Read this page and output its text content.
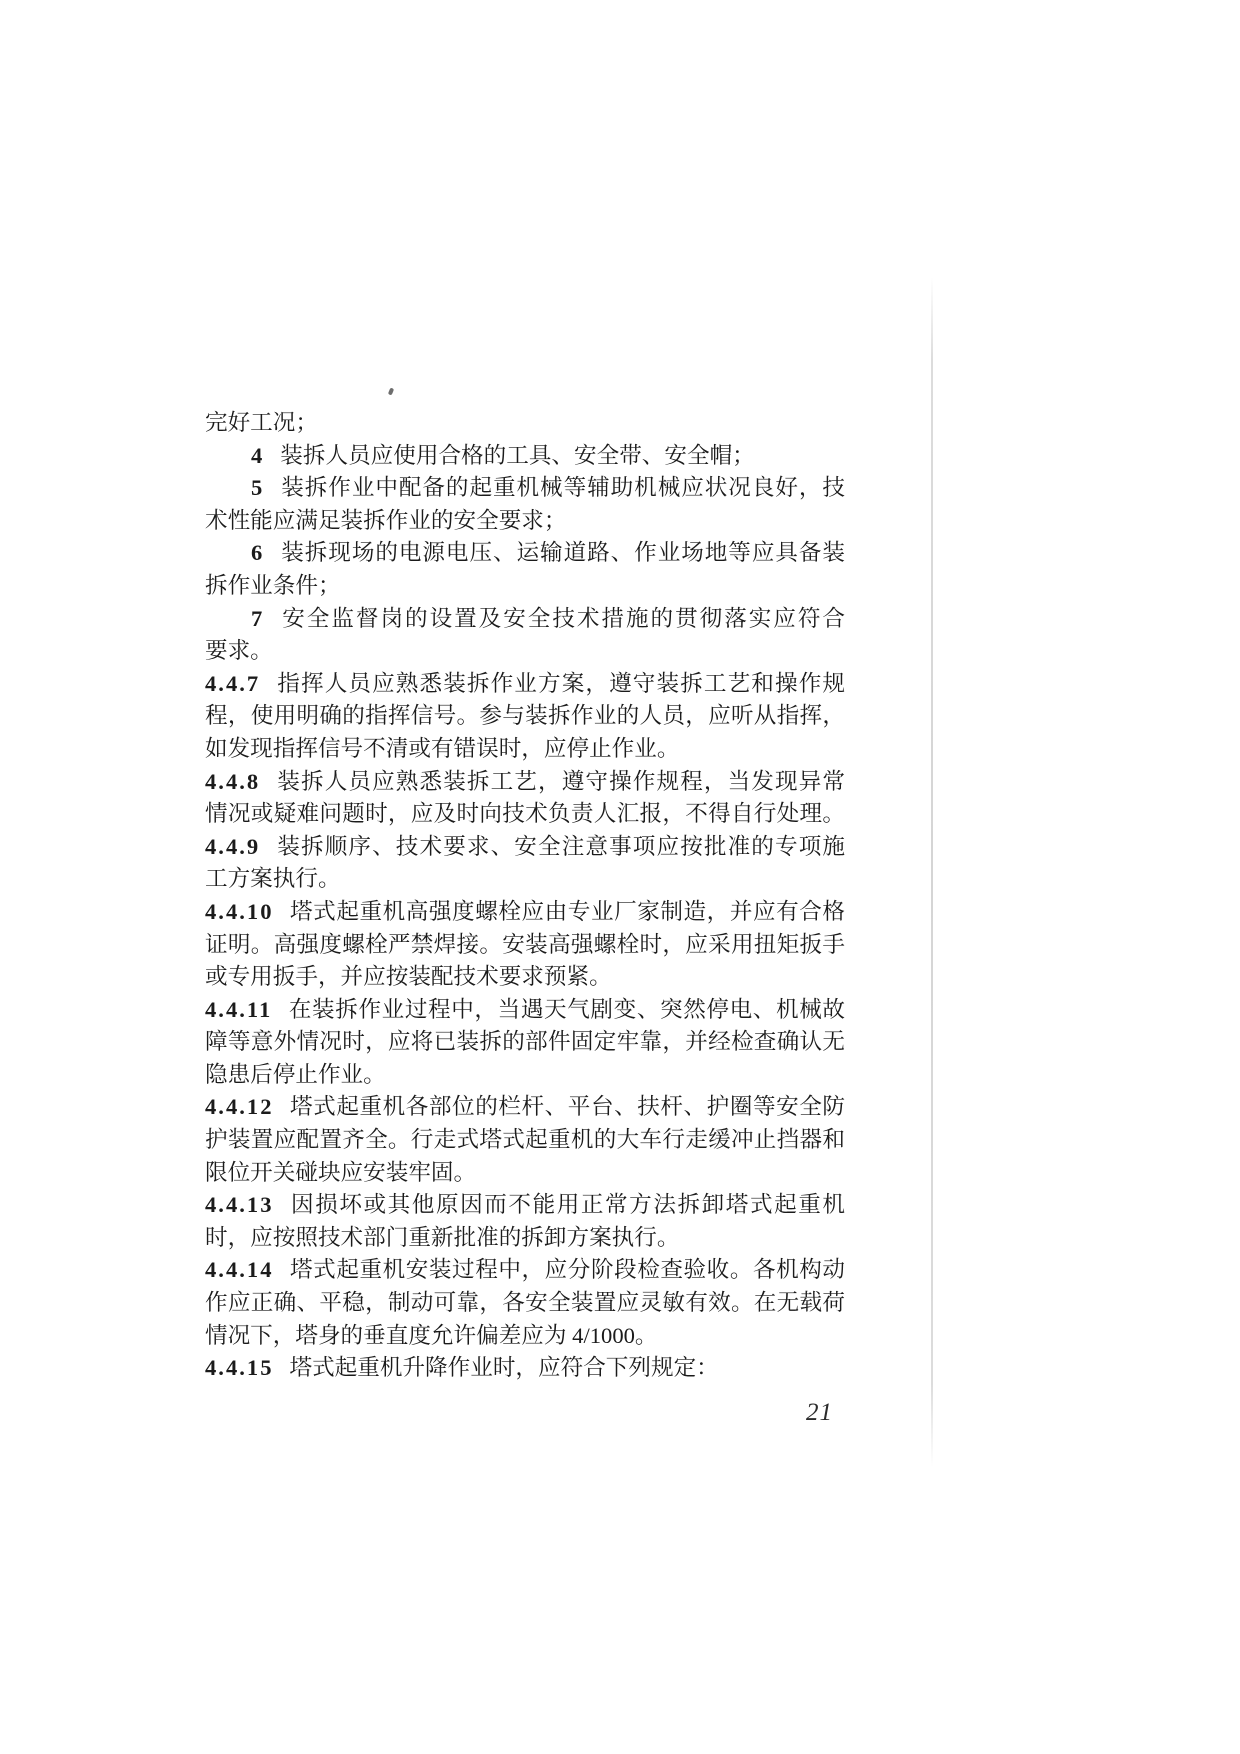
完好工况；
4 装拆人员应使用合格的工具、安全带、安全帽；
5 装拆作业中配备的起重机械等辅助机械应状况良好，技
术性能应满足装拆作业的安全要求；
6 装拆现场的电源电压、运输道路、作业场地等应具备装
拆作业条件；
7 安全监督岗的设置及安全技术措施的贯彻落实应符合
要求。
4.4.7 指挥人员应熟悉装拆作业方案，遵守装拆工艺和操作规
程，使用明确的指挥信号。参与装拆作业的人员，应听从指挥，
如发现指挥信号不清或有错误时，应停止作业。
4.4.8 装拆人员应熟悉装拆工艺，遵守操作规程，当发现异常
情况或疑难问题时，应及时向技术负责人汇报，不得自行处理。
4.4.9 装拆顺序、技术要求、安全注意事项应按批准的专项施
工方案执行。
4.4.10 塔式起重机高强度螺栓应由专业厂家制造，并应有合格
证明。高强度螺栓严禁焊接。安装高强螺栓时，应采用扭矩扳手
或专用扳手，并应按装配技术要求预紧。
4.4.11 在装拆作业过程中，当遇天气剧变、突然停电、机械故
障等意外情况时，应将已装拆的部件固定牢靠，并经检查确认无
隐患后停止作业。
4.4.12 塔式起重机各部位的栏杆、平台、扶杆、护圈等安全防
护装置应配置齐全。行走式塔式起重机的大车行走缓冲止挡器和
限位开关碰块应安装牢固。
4.4.13 因损坏或其他原因而不能用正常方法拆卸塔式起重机
时，应按照技术部门重新批准的拆卸方案执行。
4.4.14 塔式起重机安装过程中，应分阶段检查验收。各机构动
作应正确、平稳，制动可靠，各安全装置应灵敏有效。在无载荷
情况下，塔身的垂直度允许偏差应为 4/1000。
4.4.15 塔式起重机升降作业时，应符合下列规定：
21
